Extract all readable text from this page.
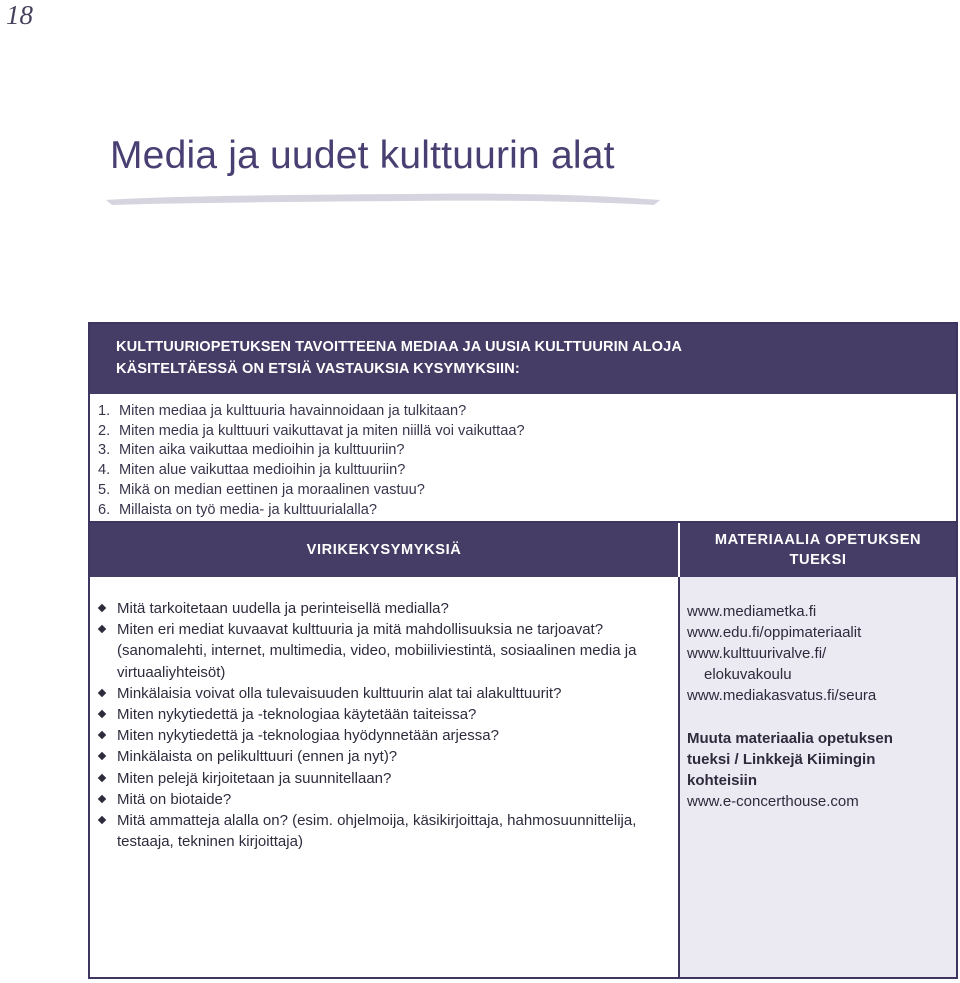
18
Media ja uudet kulttuurin alat
KULTTUURIOPETUKSEN TAVOITTEENA MEDIAA JA UUSIA KULTTUURIN ALOJA
KÄSITELTÄESSÄ ON ETSIÄ VASTAUKSIA KYSYMYKSIIN:
1. Miten mediaa ja kulttuuria havainnoidaan ja tulkitaan?
2. Miten media ja kulttuuri vaikuttavat ja miten niillä voi vaikuttaa?
3. Miten aika vaikuttaa medioihin ja kulttuuriin?
4. Miten alue vaikuttaa medioihin ja kulttuuriin?
5. Mikä on median eettinen ja moraalinen vastuu?
6. Millaista on työ media- ja kulttuurialalla?
VIRIKEKYSYMYKSIÄ
MATERIAALIA OPETUKSEN
TUEKSI
Mitä tarkoitetaan uudella ja perinteisellä medialla?
Miten eri mediat kuvaavat kulttuuria ja mitä mahdollisuuksia ne tarjoavat? (sanomalehti, internet, multimedia, video, mobiiliviestintä, sosiaalinen media ja virtuaaliyhteisöt)
Minkälaisia voivat olla tulevaisuuden kulttuurin alat tai alakulttuurit?
Miten nykytiedettä ja -teknologiaa käytetään taiteissa?
Miten nykytiedettä ja -teknologiaa hyödynnetään arjessa?
Minkälaista on pelikulttuuri (ennen ja nyt)?
Miten pelejä kirjoitetaan ja suunnitellaan?
Mitä on biotaide?
Mitä ammatteja alalla on? (esim. ohjelmoija, käsikirjoittaja, hahmosuunnittelija, testaaja, tekninen kirjoittaja)
www.mediametka.fi
www.edu.fi/oppimateriaalit
www.kulttuurivalve.fi/
elokuvakoulu
www.mediakasvatus.fi/seura
Muuta materiaalia opetuksen
tueksi / Linkkejä Kiimingin
kohteisiin
www.e-concerthouse.com
